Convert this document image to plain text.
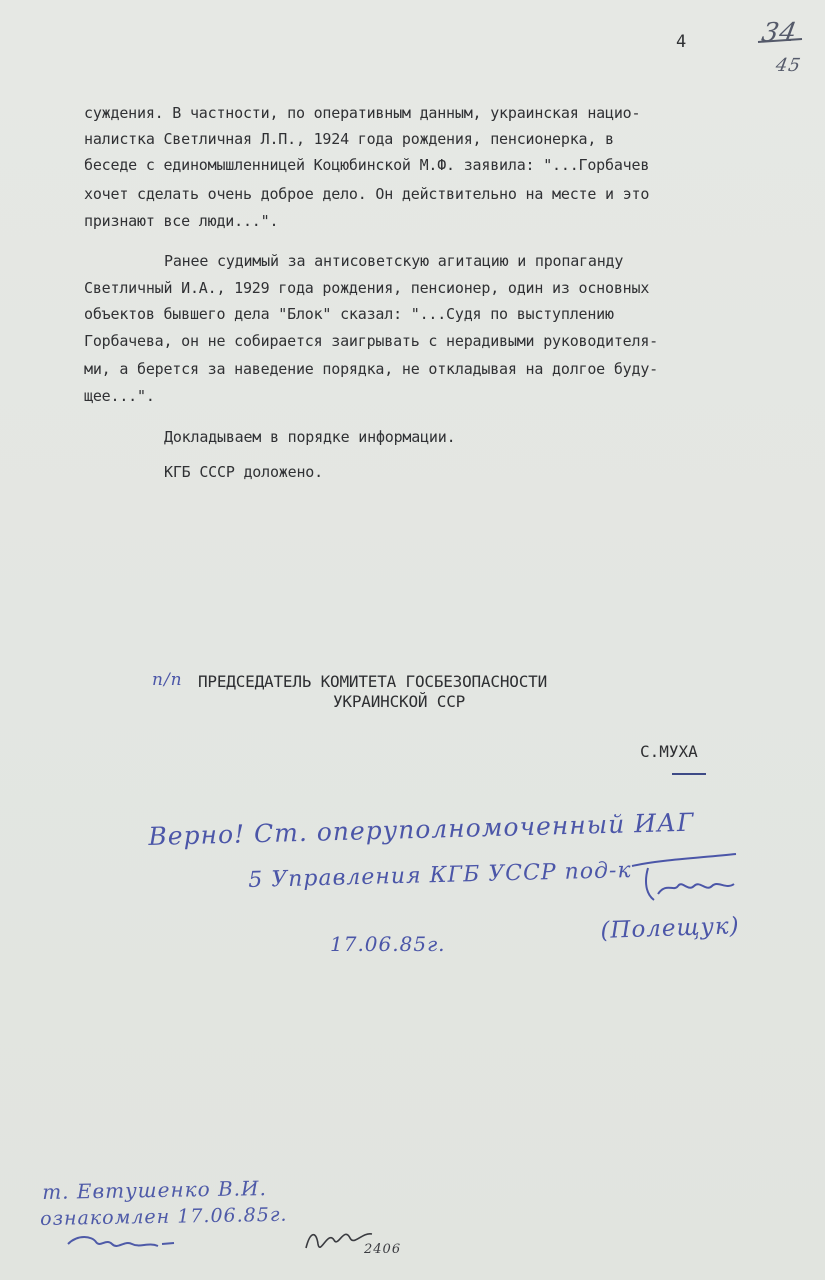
4	34
45
суждения. В частности, по оперативным данным, украинская нацио-
налистка Светличная Л.П., 1924 года рождения, пенсионерка, в
беседе с единомышленницей Коцюбинской М.Ф. заявила: "...Горбачев
хочет сделать очень доброе дело. Он действительно на месте и это
признают все люди...".
Ранее судимый за антисоветскую агитацию и пропаганду
Светличный И.А., 1929 года рождения, пенсионер, один из основных
объектов бывшего дела "Блок" сказал: "...Судя по выступлению
Горбачева, он не собирается заигрывать с нерадивыми руководителя-
ми, а берется за наведение порядка, не откладывая на долгое буду-
щее...".
Докладываем в порядке информации.
КГБ СССР доложено.
п/п ПРЕДСЕДАТЕЛЬ КОМИТЕТА ГОСБЕЗОПАСНОСТИ
УКРАИНСКОЙ ССР
С.МУХА
Верно! Ст. оперуполномоченный ИАГ
5 Управления КГБ УССР под-к
17.06.85г.
(Полещук)
т. Евтушенко В.И.
ознакомлен 17.06.85г.
2406
